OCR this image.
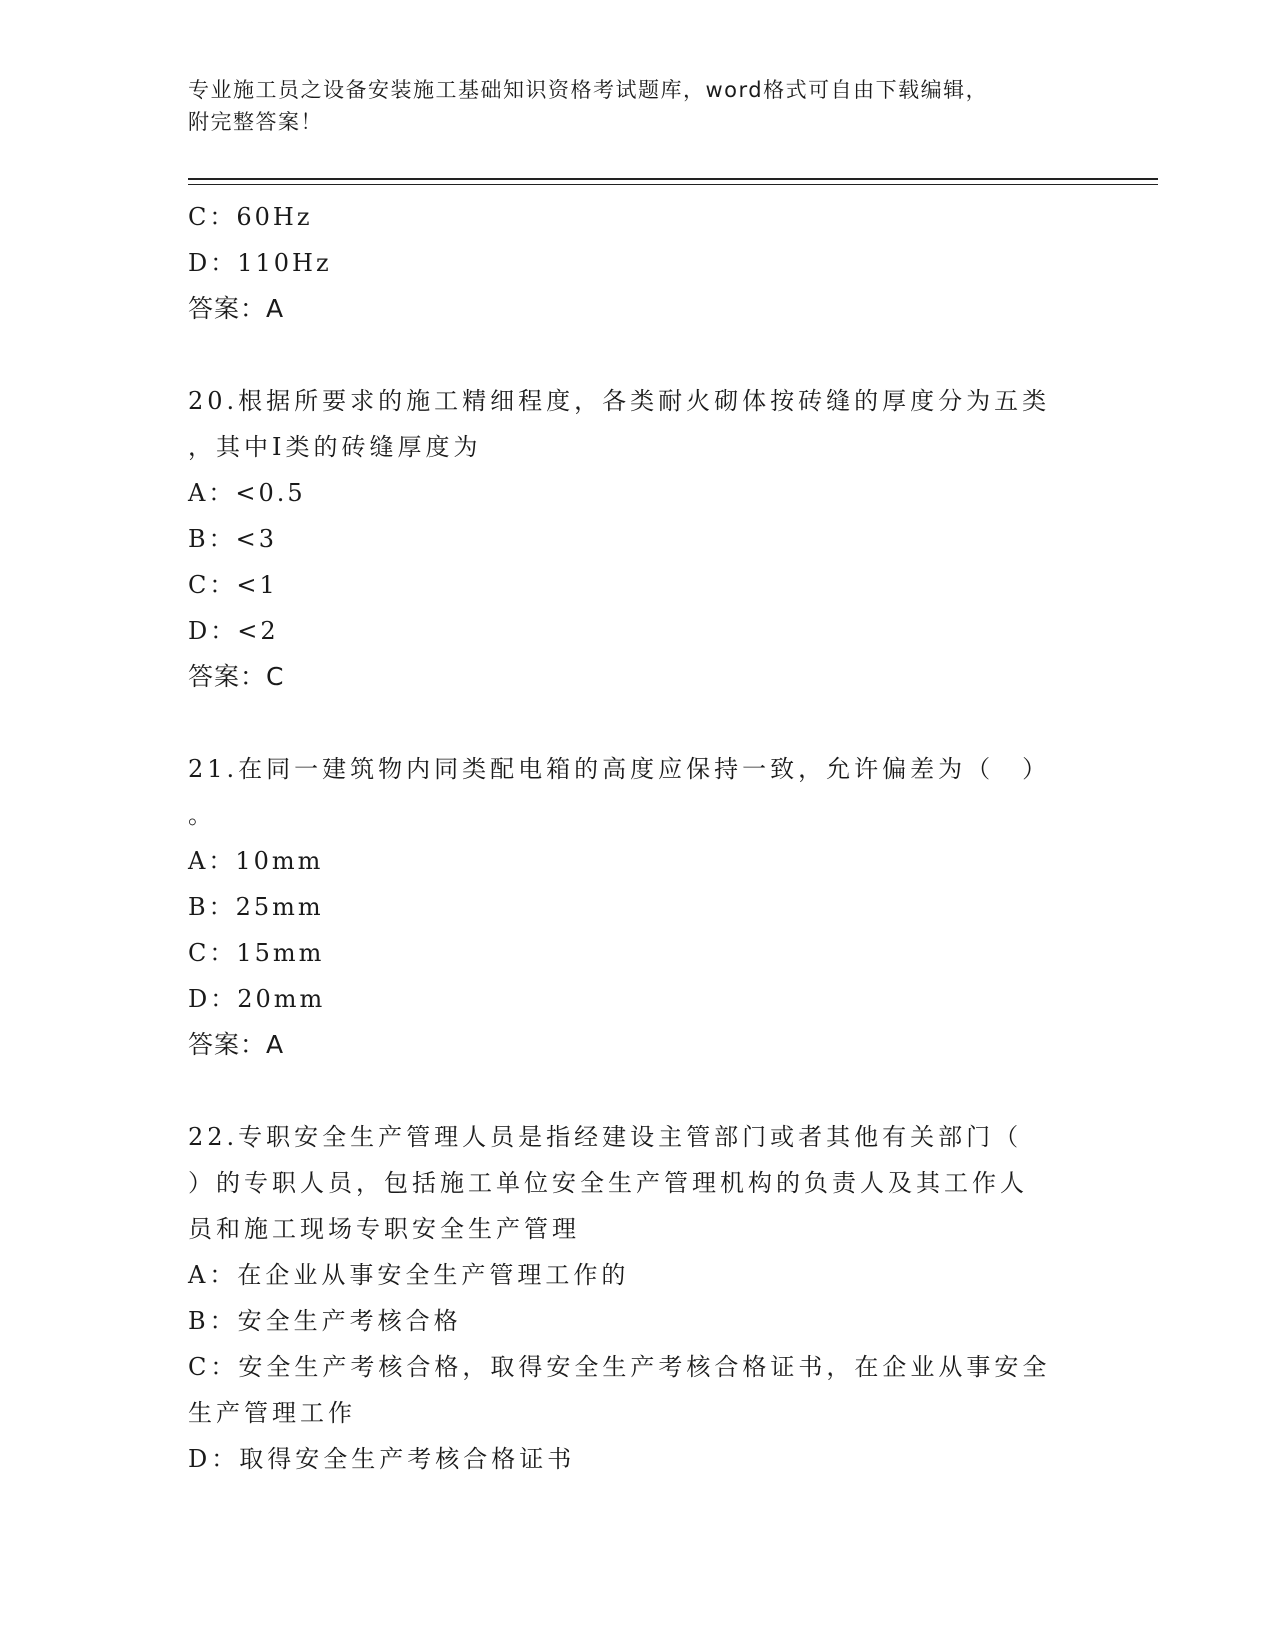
专业施工员之设备安装施工基础知识资格考试题库，word格式可自由下载编辑，
附完整答案！
C：60Hz
D：110Hz
答案：A
20.根据所要求的施工精细程度，各类耐火砌体按砖缝的厚度分为五类
，其中Ⅰ类的砖缝厚度为
A：<0.5
B：<3
C：<1
D：<2
答案：C
21.在同一建筑物内同类配电箱的高度应保持一致，允许偏差为（　）
。
A：10mm
B：25mm
C：15mm
D：20mm
答案：A
22.专职安全生产管理人员是指经建设主管部门或者其他有关部门（
）的专职人员，包括施工单位安全生产管理机构的负责人及其工作人
员和施工现场专职安全生产管理
A：在企业从事安全生产管理工作的
B：安全生产考核合格
C：安全生产考核合格，取得安全生产考核合格证书，在企业从事安全
生产管理工作
D：取得安全生产考核合格证书
